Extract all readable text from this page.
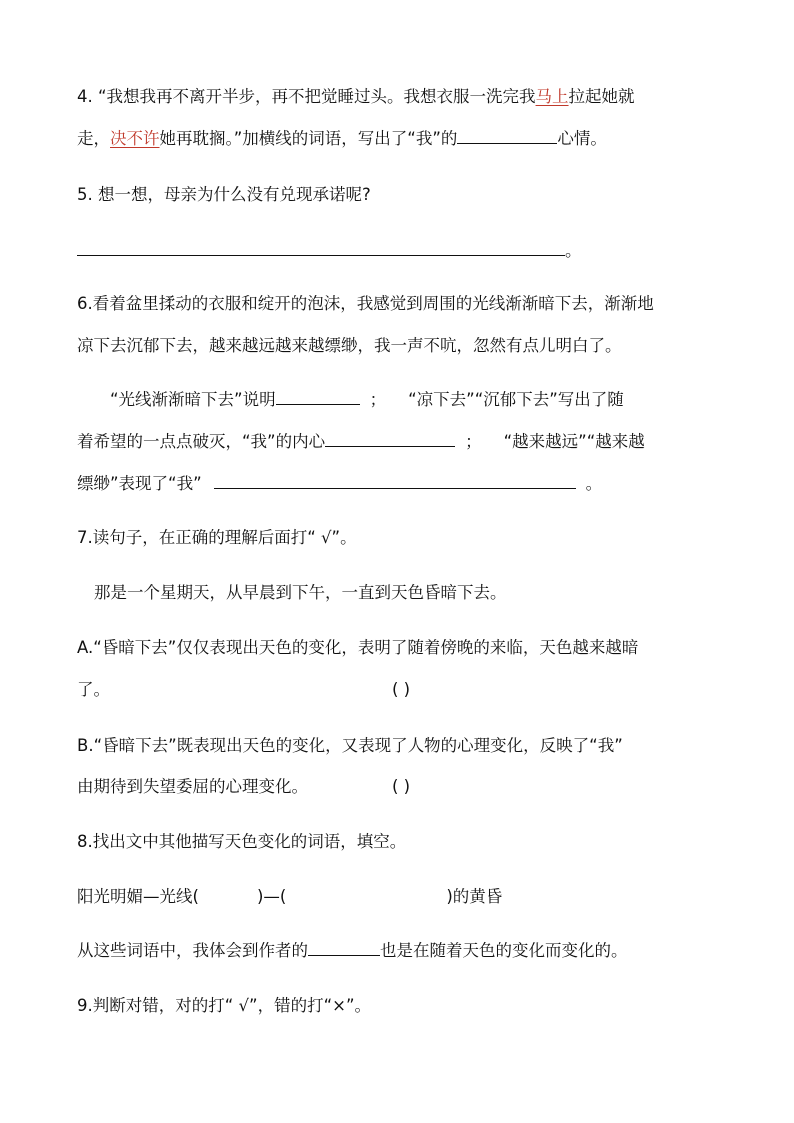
4. “我想我再不离开半步，再不把觉睡过头。我想衣服一洗完我马上拉起她就
走，决不许她再耽搁。”加横线的词语，写出了“我”的	心情。
5. 想一想，母亲为什么没有兑现承诺呢?
。
6.看着盆里揉动的衣服和绽开的泡沫，我感觉到周围的光线渐渐暗下去，渐渐地
凉下去沉郁下去，越来越远越来越缥缈，我一声不吭，忽然有点儿明白了。
“光线渐渐暗下去”说明	； “凉下去”“沉郁下去”写出了随
着希望的一点点破灭，“我”的内心	； “越来越远”“越来越
缥缈”表现了“我”	。
7.读句子，在正确的理解后面打“ √”。
那是一个星期天，从早晨到下午，一直到天色昏暗下去。
A.“昏暗下去”仅仅表现出天色的变化，表明了随着傍晚的来临，天色越来越暗
了。	( )
B.“昏暗下去”既表现出天色的变化，又表现了人物的心理变化，反映了“我”
由期待到失望委屈的心理变化。	( )
8.找出文中其他描写天色变化的词语，填空。
阳光明媚—光线(	)—(	)的黄昏
从这些词语中，我体会到作者的	也是在随着天色的变化而变化的。
9.判断对错，对的打“ √”，错的打“×”。
